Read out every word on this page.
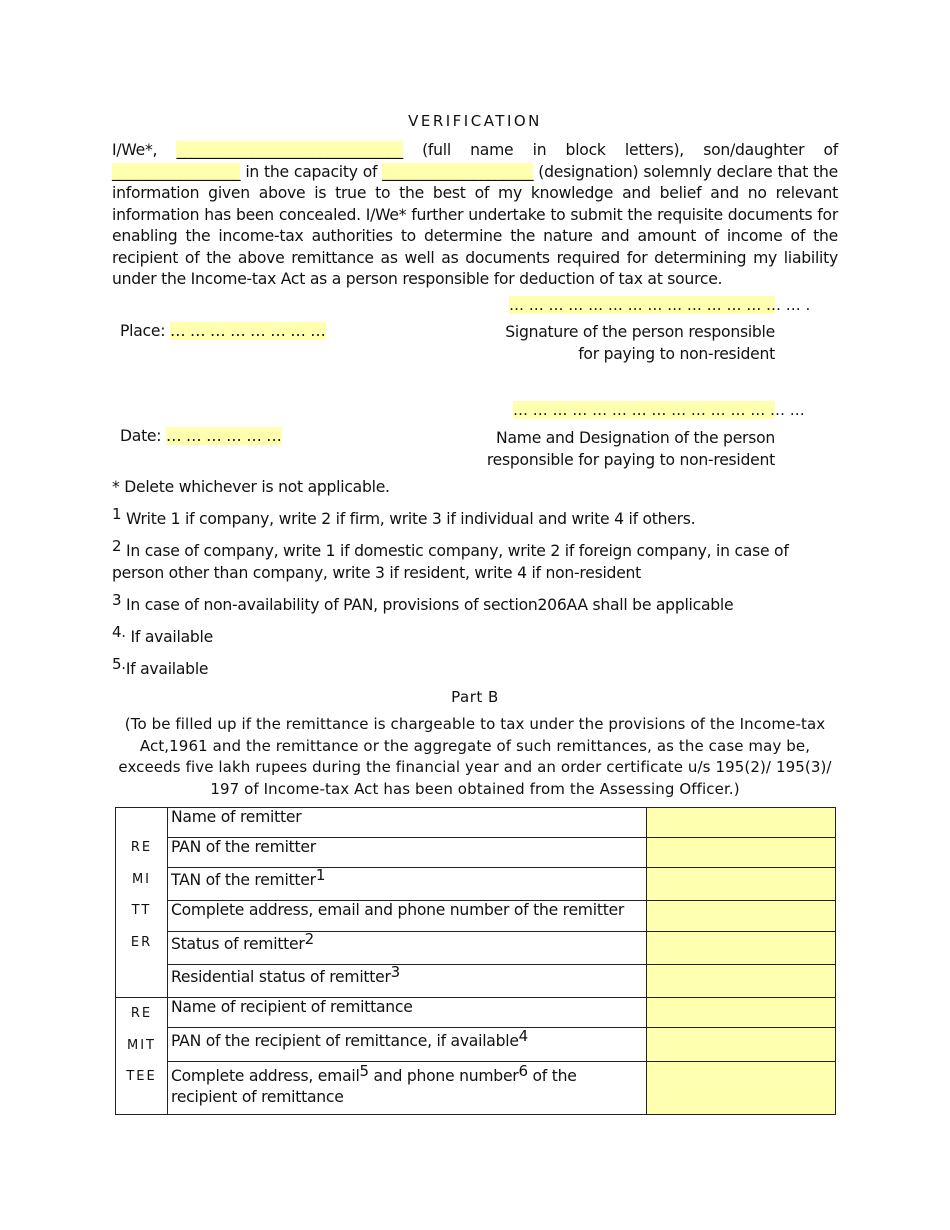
VERIFICATION
I/We*, ______________________________ (full name in block letters), son/daughter of _________________ in the capacity of ____________________ (designation) solemnly declare that the information given above is true to the best of my knowledge and belief and no relevant information has been concealed. I/We* further undertake to submit the requisite documents for enabling the income-tax authorities to determine the nature and amount of income of the recipient of the above remittance as well as documents required for determining my liability under the Income-tax Act as a person responsible for deduction of tax at source.
… … … … … … … … … … … … … … … .
Place: … … … … … … … …	Signature of the person responsible
for paying to non-resident
… … … … … … … … … … … … … … …
Date: … … … … … …	Name and Designation of the person
responsible for paying to non-resident
* Delete whichever is not applicable.
$^1$ Write 1 if company, write 2 if firm, write 3 if individual and write 4 if others.
$^2$ In case of company, write 1 if domestic company, write 2 if foreign company, in case of person other than company, write 3 if resident, write 4 if non-resident
$^3$ In case of non-availability of PAN, provisions of section206AA shall be applicable
$^{4.}$ If available
$^{5.}$If available
Part B
(To be filled up if the remittance is chargeable to tax under the provisions of the Income-tax Act,1961 and the remittance or the aggregate of such remittances, as the case may be, exceeds five lakh rupees during the financial year and an order certificate u/s 195(2)/ 195(3)/ 197 of Income-tax Act has been obtained from the Assessing Officer.)
RE
MI
TT
ER	Name of remitter	
	PAN of the remitter	
	TAN of the remitter$^1$	
	Complete address, email and phone number of the remitter	
	Status of remitter$^2$	
	Residential status of remitter$^3$	

RE
MIT
TEE	Name of recipient of remittance	
	PAN of the recipient of remittance, if available$^4$	
	Complete address, email$^5$ and phone number$^6$ of the recipient of remittance	
